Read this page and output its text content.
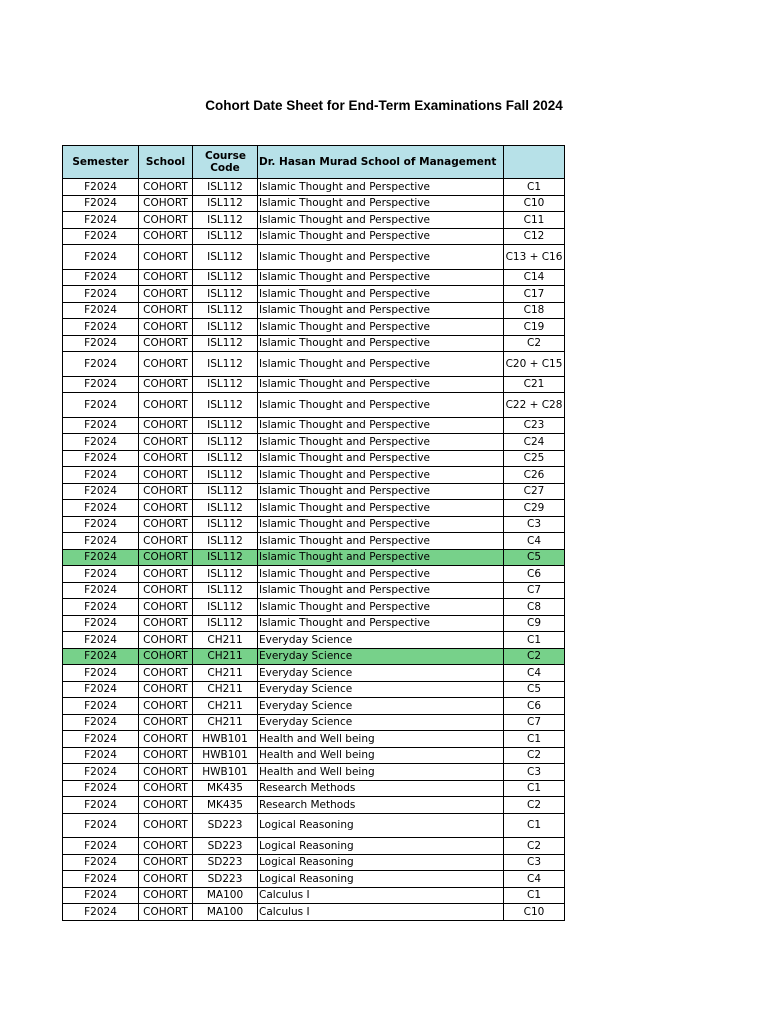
Cohort Date Sheet for End-Term Examinations Fall 2024
Semester	School	Course Code	Dr. Hasan Murad School of Management	
F2024	COHORT	ISL112	Islamic Thought and Perspective	C1
F2024	COHORT	ISL112	Islamic Thought and Perspective	C10
F2024	COHORT	ISL112	Islamic Thought and Perspective	C11
F2024	COHORT	ISL112	Islamic Thought and Perspective	C12
F2024	COHORT	ISL112	Islamic Thought and Perspective	C13 + C16
F2024	COHORT	ISL112	Islamic Thought and Perspective	C14
F2024	COHORT	ISL112	Islamic Thought and Perspective	C17
F2024	COHORT	ISL112	Islamic Thought and Perspective	C18
F2024	COHORT	ISL112	Islamic Thought and Perspective	C19
F2024	COHORT	ISL112	Islamic Thought and Perspective	C2
F2024	COHORT	ISL112	Islamic Thought and Perspective	C20 + C15
F2024	COHORT	ISL112	Islamic Thought and Perspective	C21
F2024	COHORT	ISL112	Islamic Thought and Perspective	C22 + C28
F2024	COHORT	ISL112	Islamic Thought and Perspective	C23
F2024	COHORT	ISL112	Islamic Thought and Perspective	C24
F2024	COHORT	ISL112	Islamic Thought and Perspective	C25
F2024	COHORT	ISL112	Islamic Thought and Perspective	C26
F2024	COHORT	ISL112	Islamic Thought and Perspective	C27
F2024	COHORT	ISL112	Islamic Thought and Perspective	C29
F2024	COHORT	ISL112	Islamic Thought and Perspective	C3
F2024	COHORT	ISL112	Islamic Thought and Perspective	C4
F2024	COHORT	ISL112	Islamic Thought and Perspective	C5
F2024	COHORT	ISL112	Islamic Thought and Perspective	C6
F2024	COHORT	ISL112	Islamic Thought and Perspective	C7
F2024	COHORT	ISL112	Islamic Thought and Perspective	C8
F2024	COHORT	ISL112	Islamic Thought and Perspective	C9
F2024	COHORT	CH211	Everyday Science	C1
F2024	COHORT	CH211	Everyday Science	C2
F2024	COHORT	CH211	Everyday Science	C4
F2024	COHORT	CH211	Everyday Science	C5
F2024	COHORT	CH211	Everyday Science	C6
F2024	COHORT	CH211	Everyday Science	C7
F2024	COHORT	HWB101	Health and Well being	C1
F2024	COHORT	HWB101	Health and Well being	C2
F2024	COHORT	HWB101	Health and Well being	C3
F2024	COHORT	MK435	Research Methods	C1
F2024	COHORT	MK435	Research Methods	C2
F2024	COHORT	SD223	Logical Reasoning	C1
F2024	COHORT	SD223	Logical Reasoning	C2
F2024	COHORT	SD223	Logical Reasoning	C3
F2024	COHORT	SD223	Logical Reasoning	C4
F2024	COHORT	MA100	Calculus I	C1
F2024	COHORT	MA100	Calculus I	C10
